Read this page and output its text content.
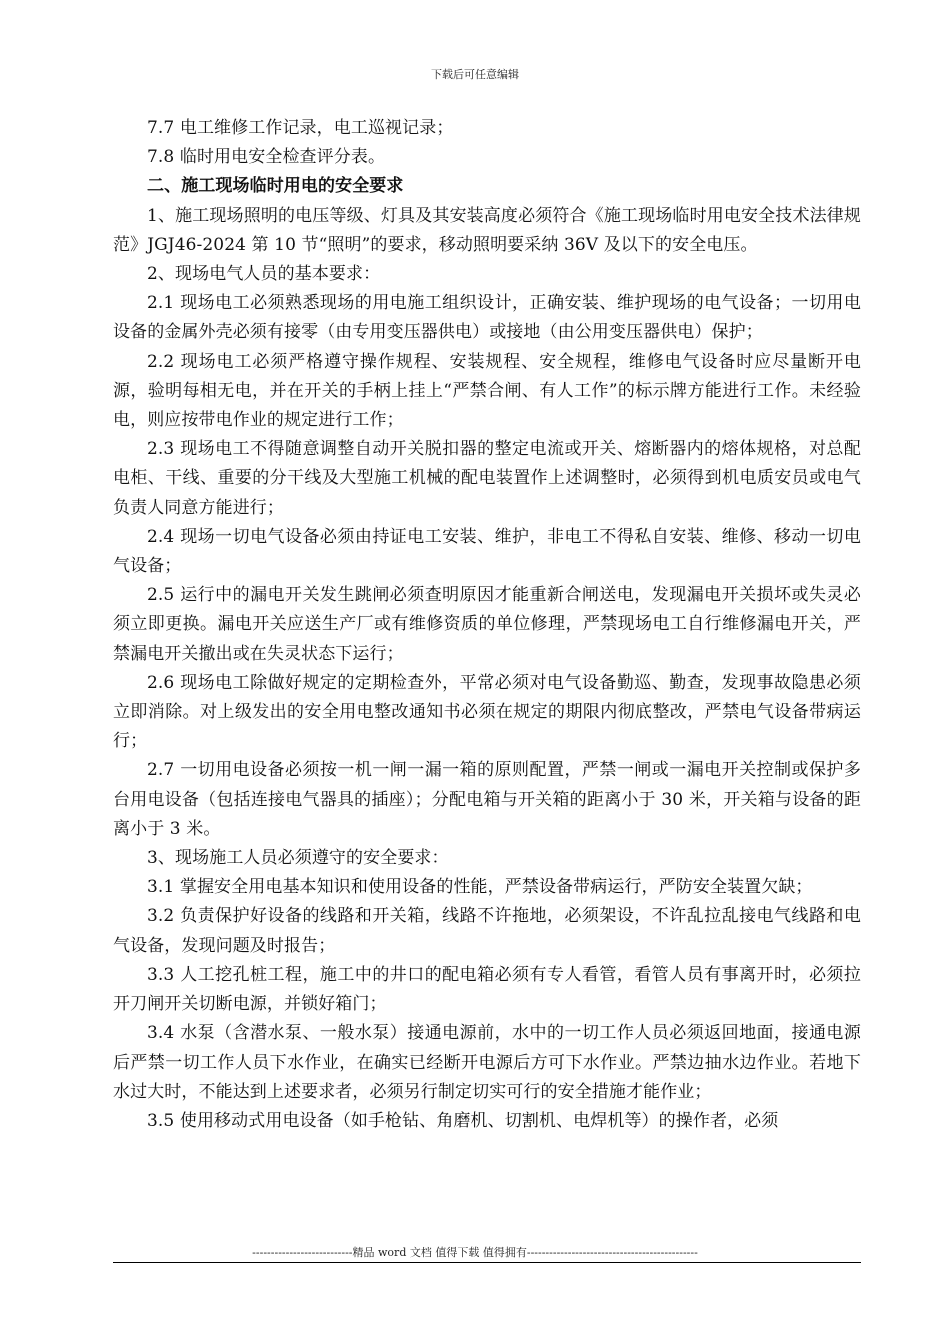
下载后可任意编辑

7.7 电工维修工作记录，电工巡视记录；

7.8 临时用电安全检查评分表。

二、施工现场临时用电的安全要求

1、施工现场照明的电压等级、灯具及其安装高度必须符合《施工现场临时用电安全技术法律规范》JGJ46-2024 第 10 节“照明”的要求，移动照明要采纳 36V 及以下的安全电压。

2、现场电气人员的基本要求：

2.1 现场电工必须熟悉现场的用电施工组织设计，正确安装、维护现场的电气设备；一切用电设备的金属外壳必须有接零（由专用变压器供电）或接地（由公用变压器供电）保护；

2.2 现场电工必须严格遵守操作规程、安装规程、安全规程，维修电气设备时应尽量断开电源，验明每相无电，并在开关的手柄上挂上“严禁合闸、有人工作”的标示牌方能进行工作。未经验电，则应按带电作业的规定进行工作；

2.3 现场电工不得随意调整自动开关脱扣器的整定电流或开关、熔断器内的熔体规格，对总配电柜、干线、重要的分干线及大型施工机械的配电装置作上述调整时，必须得到机电质安员或电气负责人同意方能进行；

2.4 现场一切电气设备必须由持证电工安装、维护，非电工不得私自安装、维修、移动一切电气设备；

2.5 运行中的漏电开关发生跳闸必须查明原因才能重新合闸送电，发现漏电开关损坏或失灵必须立即更换。漏电开关应送生产厂或有维修资质的单位修理，严禁现场电工自行维修漏电开关，严禁漏电开关撤出或在失灵状态下运行；

2.6 现场电工除做好规定的定期检查外，平常必须对电气设备勤巡、勤查，发现事故隐患必须立即消除。对上级发出的安全用电整改通知书必须在规定的期限内彻底整改，严禁电气设备带病运行；

2.7 一切用电设备必须按一机一闸一漏一箱的原则配置，严禁一闸或一漏电开关控制或保护多台用电设备（包括连接电气器具的插座）；分配电箱与开关箱的距离小于 30 米，开关箱与设备的距离小于 3 米。

3、现场施工人员必须遵守的安全要求：

3.1 掌握安全用电基本知识和使用设备的性能，严禁设备带病运行，严防安全装置欠缺；

3.2 负责保护好设备的线路和开关箱，线路不许拖地，必须架设，不许乱拉乱接电气线路和电气设备，发现问题及时报告；

3.3 人工挖孔桩工程，施工中的井口的配电箱必须有专人看管，看管人员有事离开时，必须拉开刀闸开关切断电源，并锁好箱门；

3.4 水泵（含潜水泵、一般水泵）接通电源前，水中的一切工作人员必须返回地面，接通电源后严禁一切工作人员下水作业，在确实已经断开电源后方可下水作业。严禁边抽水边作业。若地下水过大时，不能达到上述要求者，必须另行制定切实可行的安全措施才能作业；

3.5 使用移动式用电设备（如手枪钻、角磨机、切割机、电焊机等）的操作者，必须

---------------------------精品 word 文档 值得下载 值得拥有----------------------------------------------
